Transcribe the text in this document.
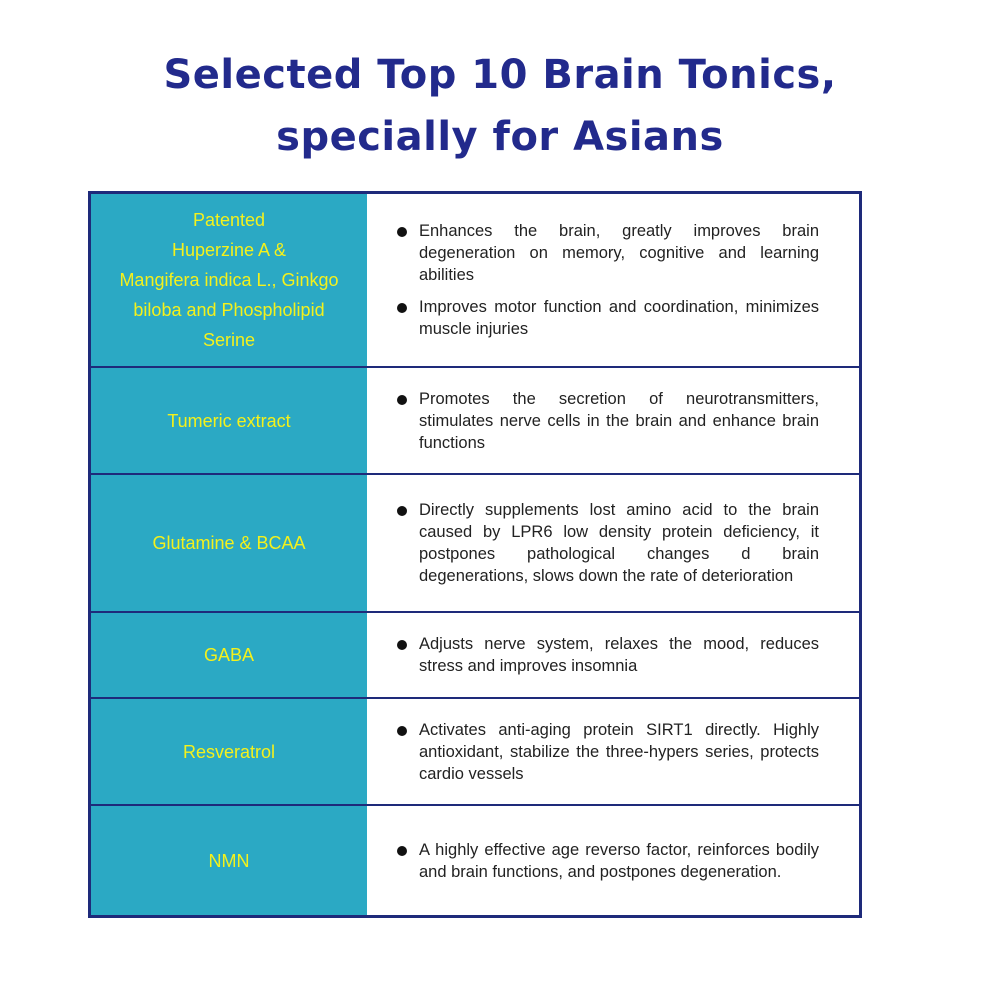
Selected Top 10 Brain Tonics,
specially for Asians
Patented
Huperzine A &
Mangifera indica L., Ginkgo
biloba and Phospholipid
Serine
Enhances the brain, greatly improves brain degeneration on memory, cognitive and learning abilities
Improves motor function and coordination, minimizes muscle injuries
Tumeric extract
Promotes the secretion of neurotransmitters, stimulates nerve cells in the brain and enhance brain functions
Glutamine & BCAA
Directly supplements lost amino acid to the brain caused by LPR6 low density protein deficiency, it postpones pathological changes d brain degenerations, slows down the rate of deterioration
GABA
Adjusts nerve system, relaxes the mood, reduces stress and improves insomnia
Resveratrol
Activates anti-aging protein SIRT1 directly. Highly antioxidant, stabilize the three-hypers series, protects cardio vessels
NMN
A highly effective age reverso factor, reinforces bodily and brain functions, and postpones degeneration.
